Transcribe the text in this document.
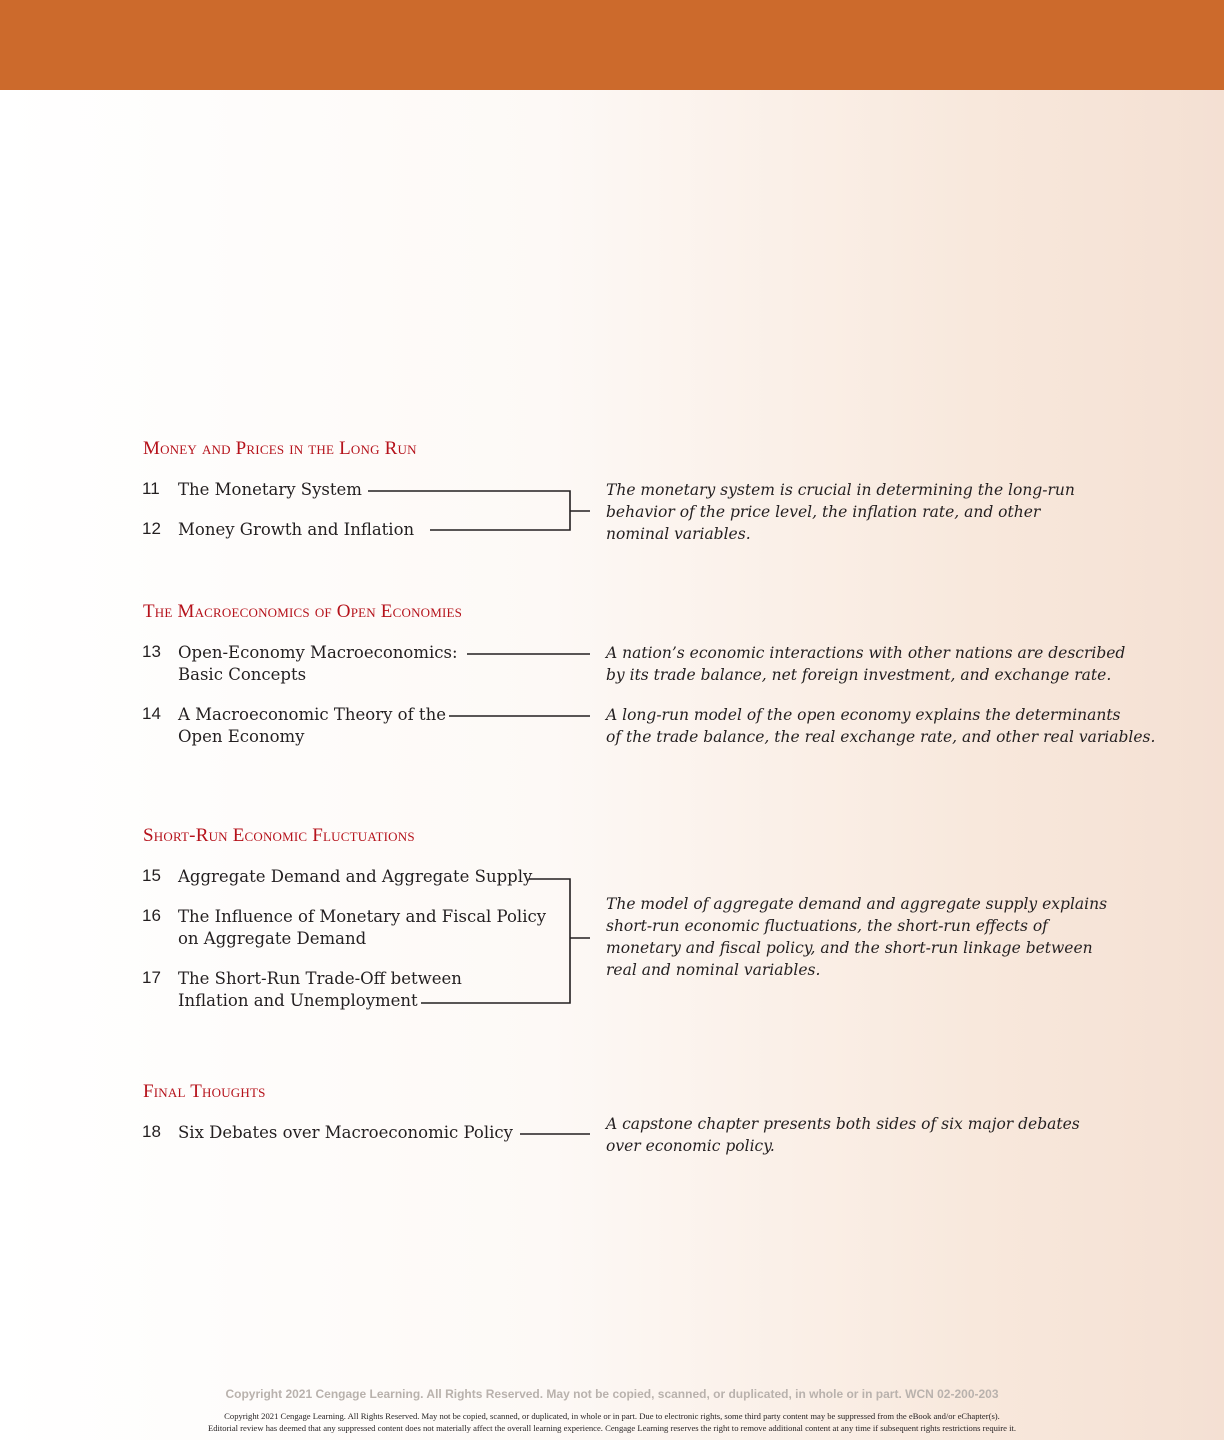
Money and Prices in the Long Run
11 The Monetary System
12 Money Growth and Inflation
The monetary system is crucial in determining the long-run
behavior of the price level, the inflation rate, and other
nominal variables.
The Macroeconomics of Open Economies
13 Open-Economy Macroeconomics:
Basic Concepts
14 A Macroeconomic Theory of the
Open Economy
A nation’s economic interactions with other nations are described
by its trade balance, net foreign investment, and exchange rate.
A long-run model of the open economy explains the determinants
of the trade balance, the real exchange rate, and other real variables.
Short-Run Economic Fluctuations
15 Aggregate Demand and Aggregate Supply
16 The Influence of Monetary and Fiscal Policy
on Aggregate Demand
17 The Short-Run Trade-Off between
Inflation and Unemployment
The model of aggregate demand and aggregate supply explains
short-run economic fluctuations, the short-run effects of
monetary and fiscal policy, and the short-run linkage between
real and nominal variables.
Final Thoughts
18 Six Debates over Macroeconomic Policy	A capstone chapter presents both sides of six major debates
over economic policy.
Copyright 2021 Cengage Learning. All Rights Reserved. May not be copied, scanned, or duplicated, in whole or in part. WCN 02-200-203
Copyright 2021 Cengage Learning. All Rights Reserved. May not be copied, scanned, or duplicated, in whole or in part. Due to electronic rights, some third party content may be suppressed from the eBook and/or eChapter(s).
Editorial review has deemed that any suppressed content does not materially affect the overall learning experience. Cengage Learning reserves the right to remove additional content at any time if subsequent rights restrictions require it.
